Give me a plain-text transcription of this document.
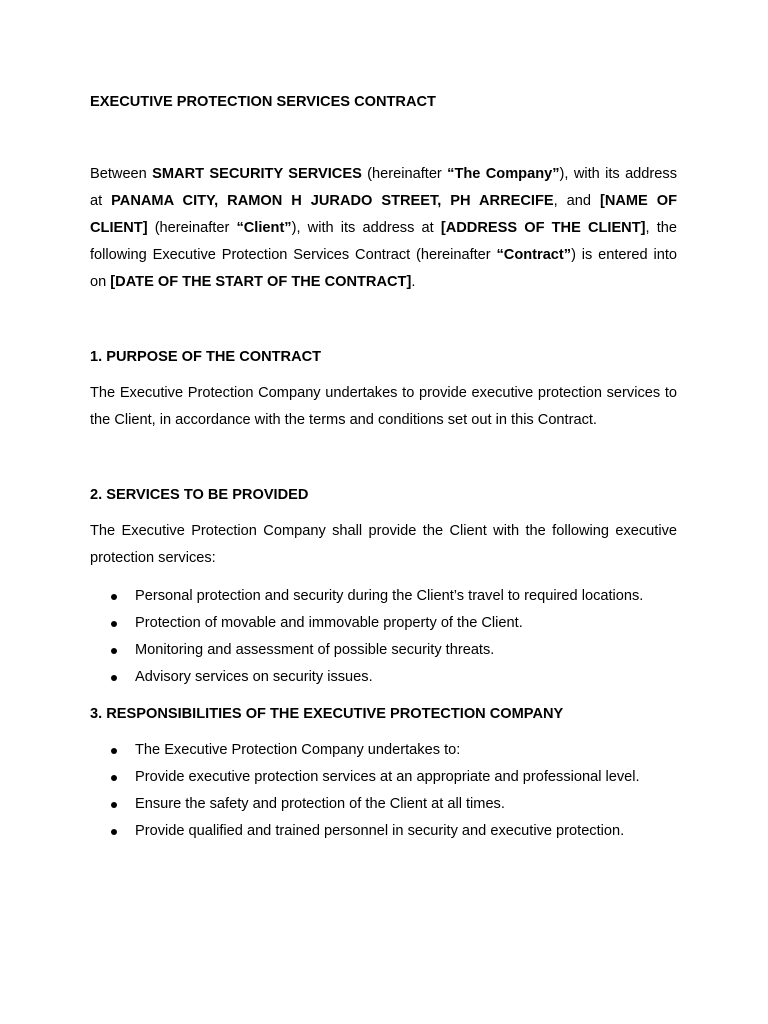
EXECUTIVE PROTECTION SERVICES CONTRACT

Between SMART SECURITY SERVICES (hereinafter “The Company”), with its address at PANAMA CITY, RAMON H JURADO STREET, PH ARRECIFE, and [NAME OF CLIENT] (hereinafter “Client”), with its address at [ADDRESS OF THE CLIENT], the following Executive Protection Services Contract (hereinafter “Contract”) is entered into on [DATE OF THE START OF THE CONTRACT].

1. PURPOSE OF THE CONTRACT

The Executive Protection Company undertakes to provide executive protection services to the Client, in accordance with the terms and conditions set out in this Contract.

2. SERVICES TO BE PROVIDED

The Executive Protection Company shall provide the Client with the following executive protection services:

Personal protection and security during the Client’s travel to required locations.
Protection of movable and immovable property of the Client.
Monitoring and assessment of possible security threats.
Advisory services on security issues.
3. RESPONSIBILITIES OF THE EXECUTIVE PROTECTION COMPANY
The Executive Protection Company undertakes to:
Provide executive protection services at an appropriate and professional level.
Ensure the safety and protection of the Client at all times.
Provide qualified and trained personnel in security and executive protection.
